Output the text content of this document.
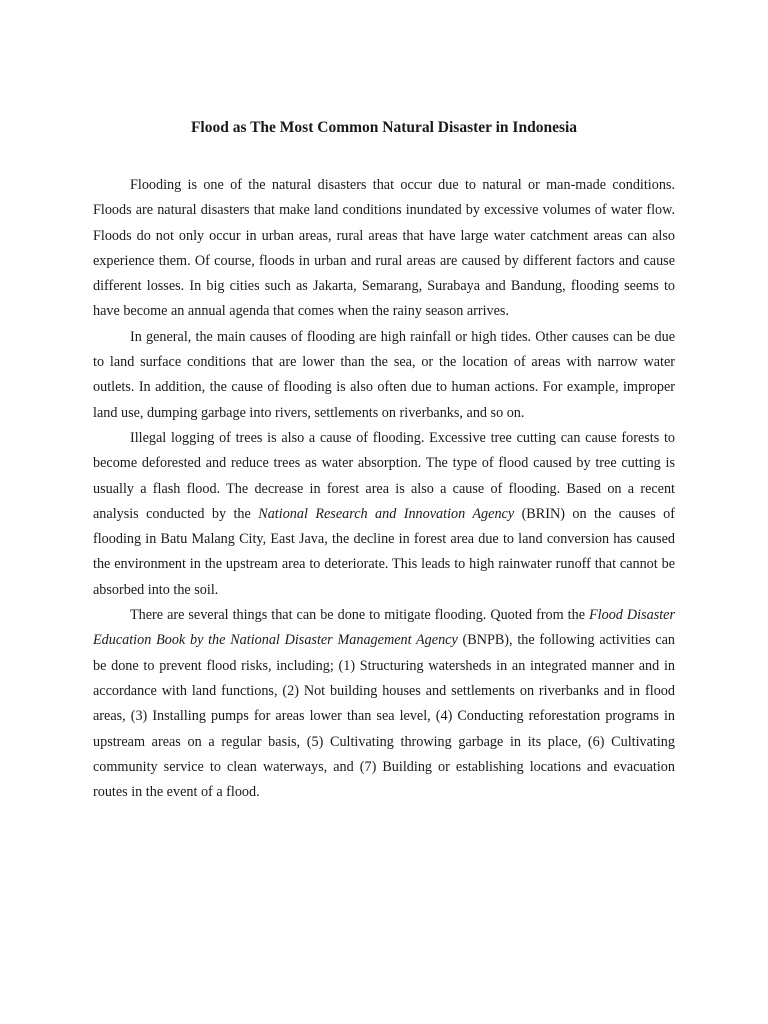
Flood as The Most Common Natural Disaster in Indonesia

Flooding is one of the natural disasters that occur due to natural or man-made conditions. Floods are natural disasters that make land conditions inundated by excessive volumes of water flow. Floods do not only occur in urban areas, rural areas that have large water catchment areas can also experience them. Of course, floods in urban and rural areas are caused by different factors and cause different losses. In big cities such as Jakarta, Semarang, Surabaya and Bandung, flooding seems to have become an annual agenda that comes when the rainy season arrives.

In general, the main causes of flooding are high rainfall or high tides. Other causes can be due to land surface conditions that are lower than the sea, or the location of areas with narrow water outlets. In addition, the cause of flooding is also often due to human actions. For example, improper land use, dumping garbage into rivers, settlements on riverbanks, and so on.

Illegal logging of trees is also a cause of flooding. Excessive tree cutting can cause forests to become deforested and reduce trees as water absorption. The type of flood caused by tree cutting is usually a flash flood. The decrease in forest area is also a cause of flooding. Based on a recent analysis conducted by the National Research and Innovation Agency (BRIN) on the causes of flooding in Batu Malang City, East Java, the decline in forest area due to land conversion has caused the environment in the upstream area to deteriorate. This leads to high rainwater runoff that cannot be absorbed into the soil.

There are several things that can be done to mitigate flooding. Quoted from the Flood Disaster Education Book by the National Disaster Management Agency (BNPB), the following activities can be done to prevent flood risks, including; (1) Structuring watersheds in an integrated manner and in accordance with land functions, (2) Not building houses and settlements on riverbanks and in flood areas, (3) Installing pumps for areas lower than sea level, (4) Conducting reforestation programs in upstream areas on a regular basis, (5) Cultivating throwing garbage in its place, (6) Cultivating community service to clean waterways, and (7) Building or establishing locations and evacuation routes in the event of a flood.
